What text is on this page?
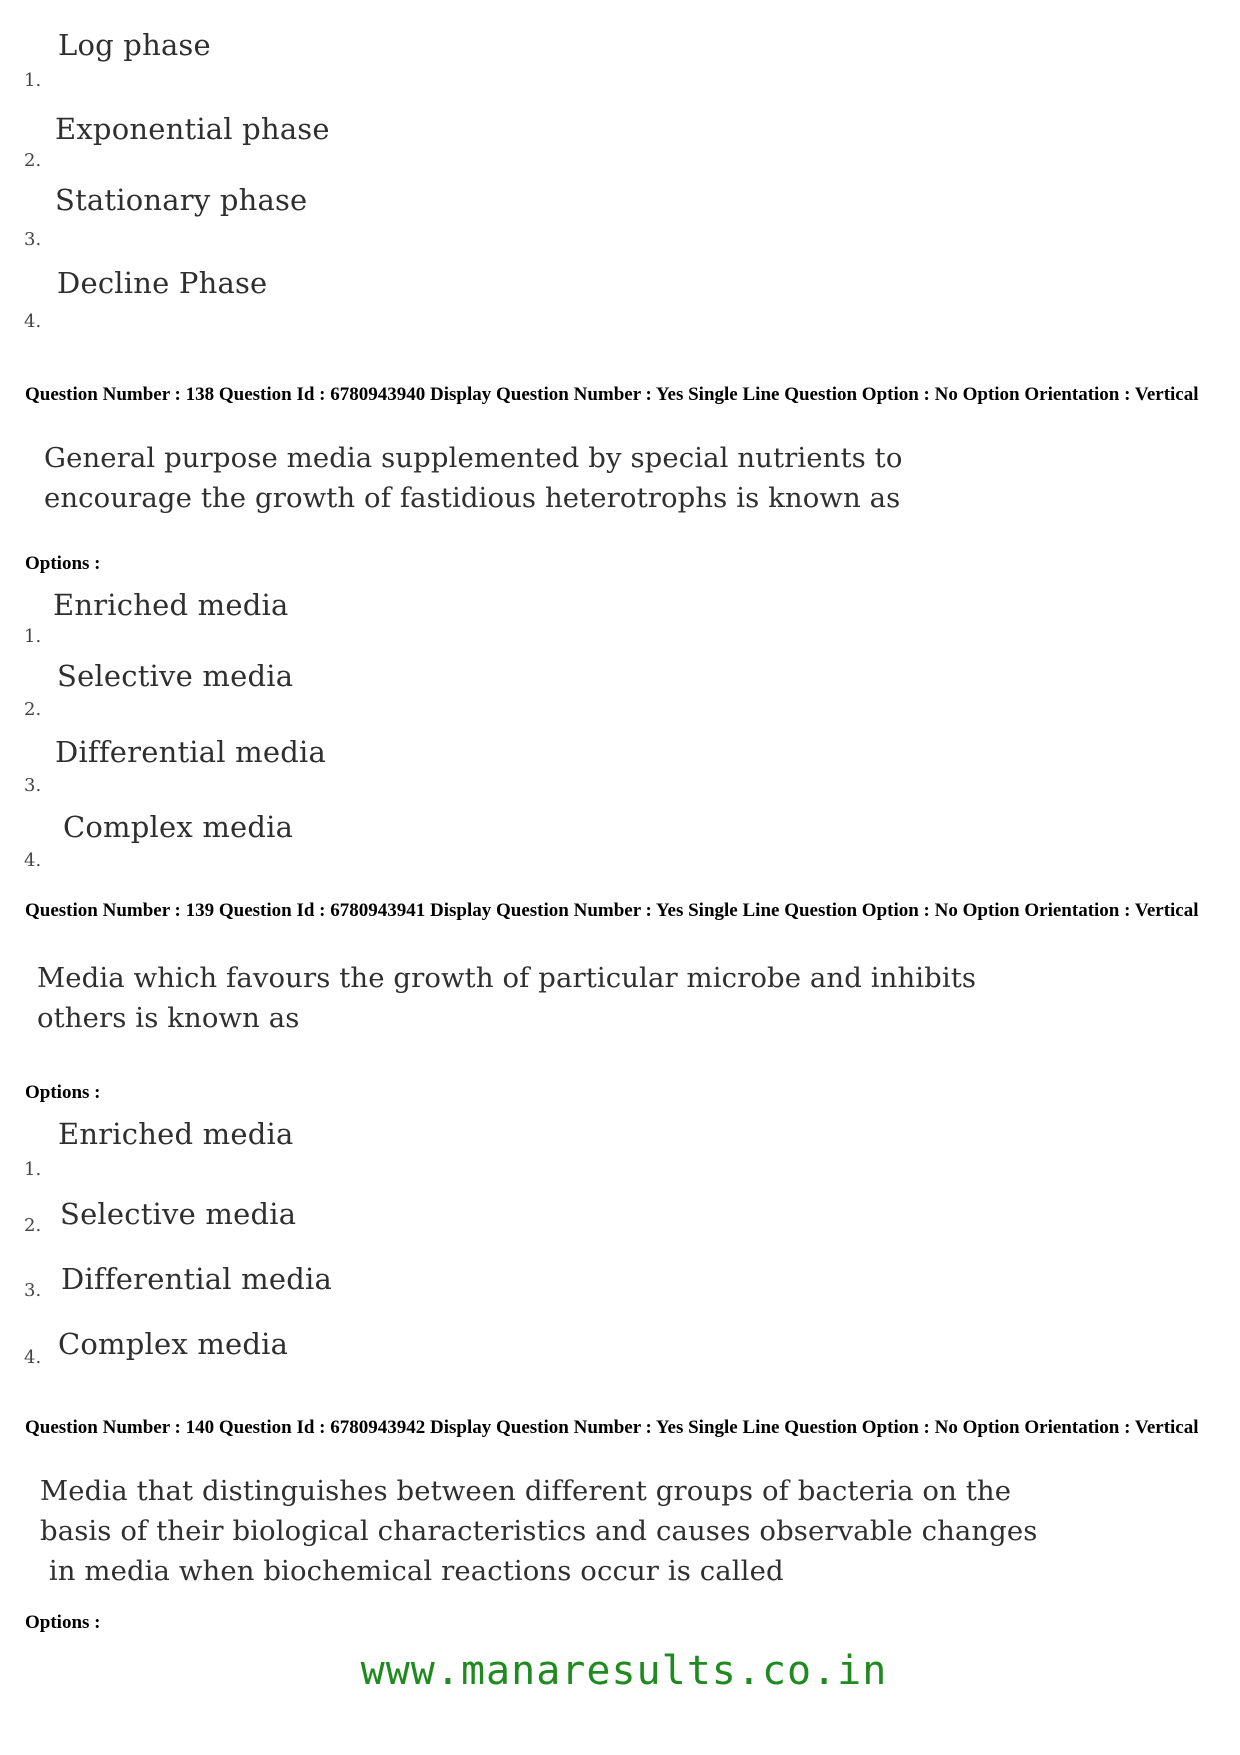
Log phase
1.
Exponential phase
2.
Stationary phase
3.
Decline Phase
4.
Question Number : 138 Question Id : 6780943940 Display Question Number : Yes Single Line Question Option : No Option Orientation : Vertical
General purpose media supplemented by special nutrients to
encourage the growth of fastidious heterotrophs is known as
Options :
Enriched media
1.
Selective media
2.
Differential media
3.
Complex media
4.
Question Number : 139 Question Id : 6780943941 Display Question Number : Yes Single Line Question Option : No Option Orientation : Vertical
Media which favours the growth of particular microbe and inhibits
others is known as
Options :
Enriched media
1.
Selective media
2.
Differential media
3.
Complex media
4.
Question Number : 140 Question Id : 6780943942 Display Question Number : Yes Single Line Question Option : No Option Orientation : Vertical
Media that distinguishes between different groups of bacteria on the
basis of their biological characteristics and causes observable changes
in media when biochemical reactions occur is called
Options :
www.manaresults.co.in
